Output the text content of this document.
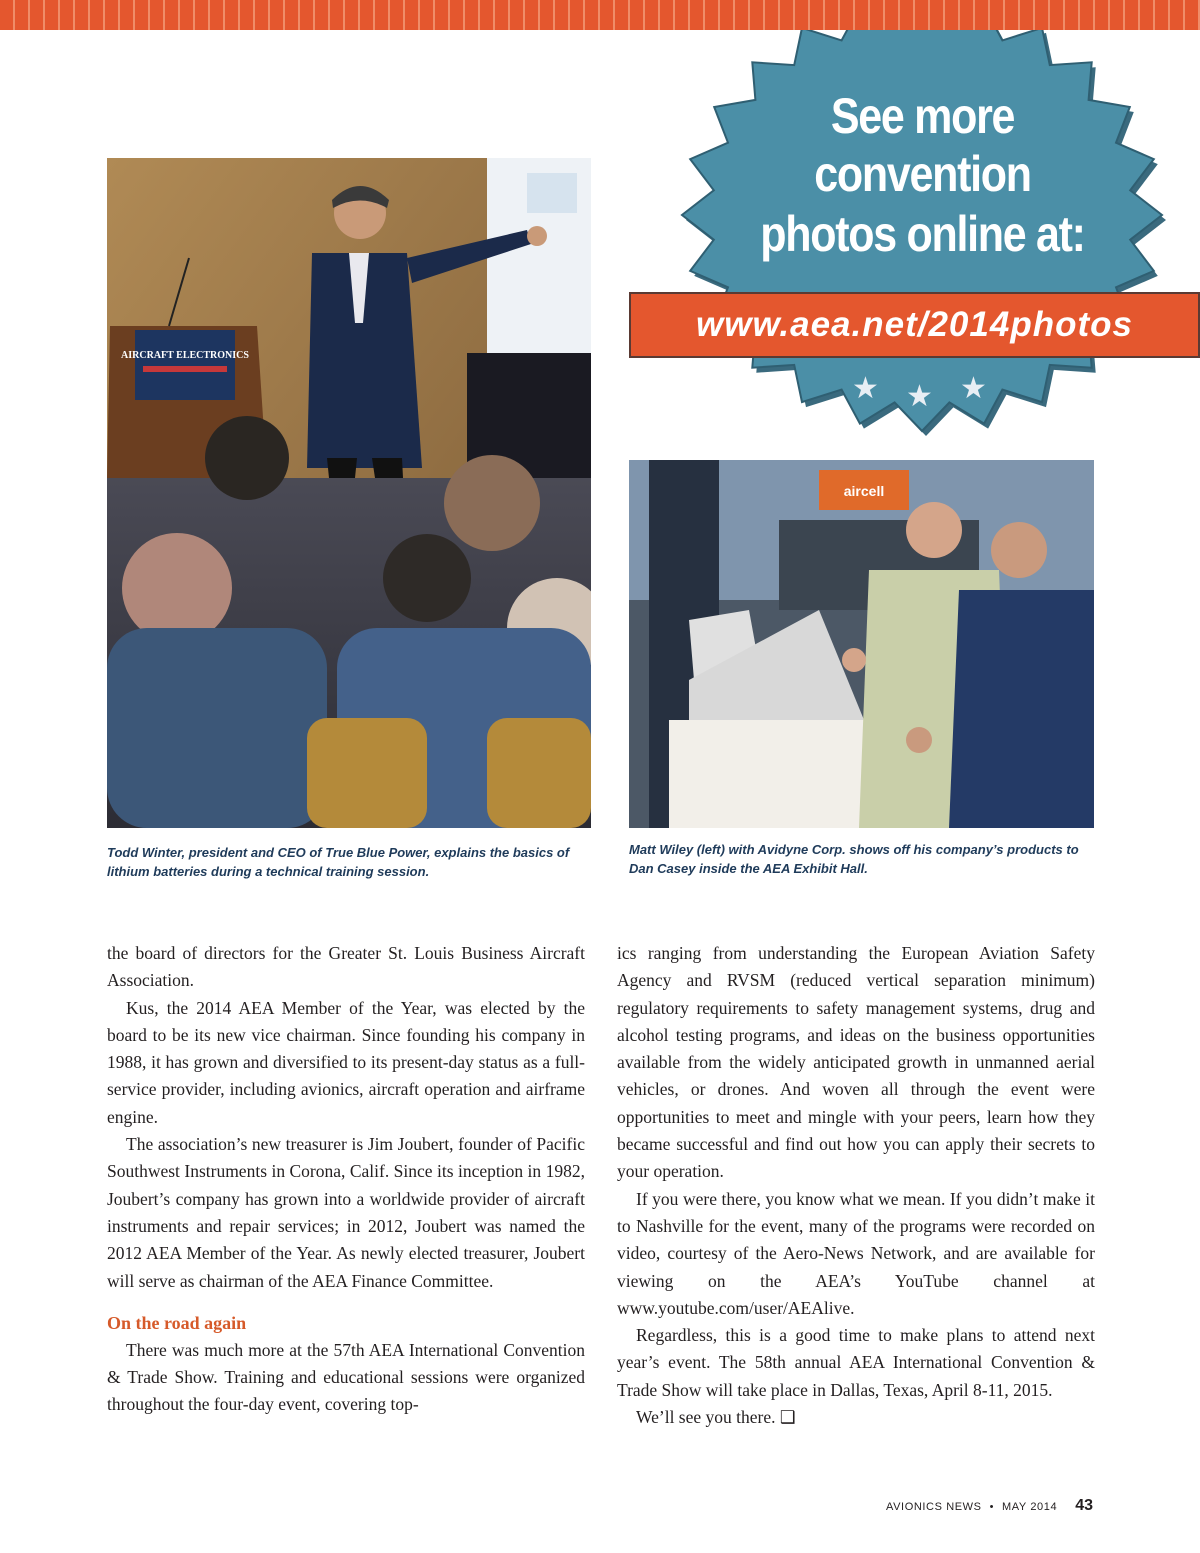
AIRCRAFT ELECTRONICS
aircell
Todd Winter, president and CEO of True Blue Power, explains the basics of lithium batteries during a technical training session.
Matt Wiley (left) with Avidyne Corp. shows off his company’s products to Dan Casey inside the AEA Exhibit Hall.
See more
convention
photos online at:
www.aea.net/2014photos
★ ★ ★

the board of directors for the Greater St. Louis Business Aircraft Association.

Kus, the 2014 AEA Member of the Year, was elected by the board to be its new vice chairman. Since founding his company in 1988, it has grown and diversified to its present-day status as a full-service provider, including avionics, aircraft operation and airframe engine.

The association’s new treasurer is Jim Joubert, founder of Pacific Southwest Instruments in Corona, Calif. Since its inception in 1982, Joubert’s company has grown into a worldwide provider of aircraft instruments and repair services; in 2012, Joubert was named the 2012 AEA Member of the Year. As newly elected treasurer, Joubert will serve as chairman of the AEA Finance Committee.

On the road again

There was much more at the 57th AEA International Convention & Trade Show. Training and educational sessions were organized throughout the four-day event, covering top-

ics ranging from understanding the European Aviation Safety Agency and RVSM (reduced vertical separation minimum) regulatory requirements to safety management systems, drug and alcohol testing programs, and ideas on the business opportunities available from the widely anticipated growth in unmanned aerial vehicles, or drones. And woven all through the event were opportunities to meet and mingle with your peers, learn how they became successful and find out how you can apply their secrets to your operation.

If you were there, you know what we mean. If you didn’t make it to Nashville for the event, many of the programs were recorded on video, courtesy of the Aero-News Network, and are available for viewing on the AEA’s YouTube channel at www.youtube.com/user/AEAlive.

Regardless, this is a good time to make plans to attend next year’s event. The 58th annual AEA International Convention & Trade Show will take place in Dallas, Texas, April 8-11, 2015.

We’ll see you there. ❑

AVIONICS NEWS • MAY 2014 43
